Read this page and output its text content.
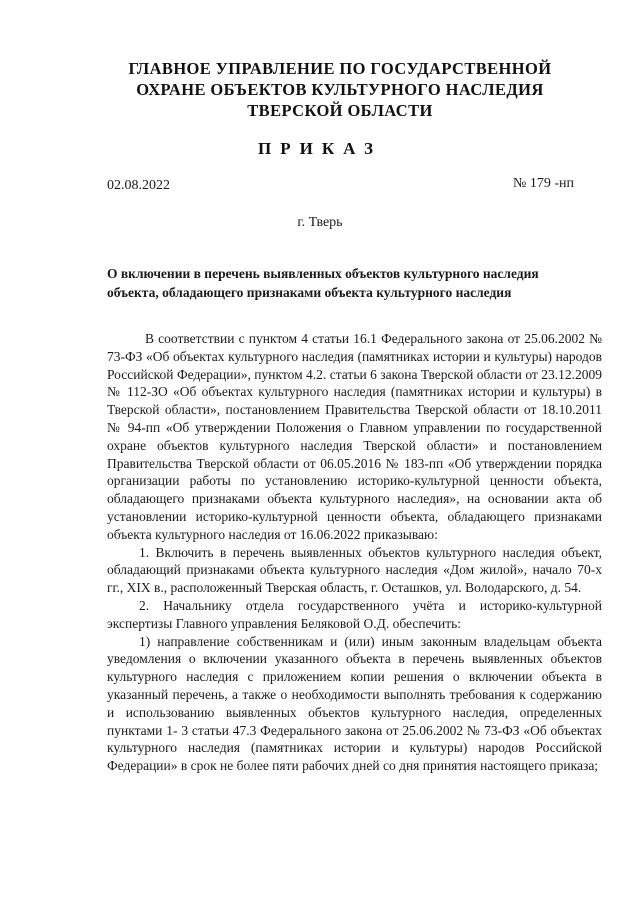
ГЛАВНОЕ УПРАВЛЕНИЕ ПО ГОСУДАРСТВЕННОЙ
ОХРАНЕ ОБЪЕКТОВ КУЛЬТУРНОГО НАСЛЕДИЯ
ТВЕРСКОЙ ОБЛАСТИ
ПРИКАЗ
02.08.2022	№ 179 -нп
г. Тверь
О включении в перечень выявленных объектов культурного наследия
объекта, обладающего признаками объекта культурного наследия

В соответствии с пунктом 4 статьи 16.1 Федерального закона от 25.06.2002 № 73-ФЗ «Об объектах культурного наследия (памятниках истории и культуры) народов Российской Федерации», пунктом 4.2. статьи 6 закона Тверской области от 23.12.2009 № 112-ЗО «Об объектах культурного наследия (памятниках истории и культуры) в Тверской области», постановлением Правительства Тверской области от 18.10.2011 № 94-пп «Об утверждении Положения о Главном управлении по государственной охране объектов культурного наследия Тверской области» и постановлением Правительства Тверской области от 06.05.2016 № 183-пп «Об утверждении порядка организации работы по установлению историко-культурной ценности объекта, обладающего признаками объекта культурного наследия», на основании акта об установлении историко-культурной ценности объекта, обладающего признаками объекта культурного наследия от 16.06.2022 приказываю:

1. Включить в перечень выявленных объектов культурного наследия объект, обладающий признаками объекта культурного наследия «Дом жилой», начало 70-х гг., XIX в., расположенный Тверская область, г. Осташков, ул. Володарского, д. 54.

2. Начальнику отдела государственного учёта и историко-культурной экспертизы Главного управления Беляковой О.Д. обеспечить:

1) направление собственникам и (или) иным законным владельцам объекта уведомления о включении указанного объекта в перечень выявленных объектов культурного наследия с приложением копии решения о включении объекта в указанный перечень, а также о необходимости выполнять требования к содержанию и использованию выявленных объектов культурного наследия, определенных пунктами 1- 3 статьи 47.3 Федерального закона от 25.06.2002 № 73-ФЗ «Об объектах культурного наследия (памятниках истории и культуры) народов Российской Федерации» в срок не более пяти рабочих дней со дня принятия настоящего приказа;
